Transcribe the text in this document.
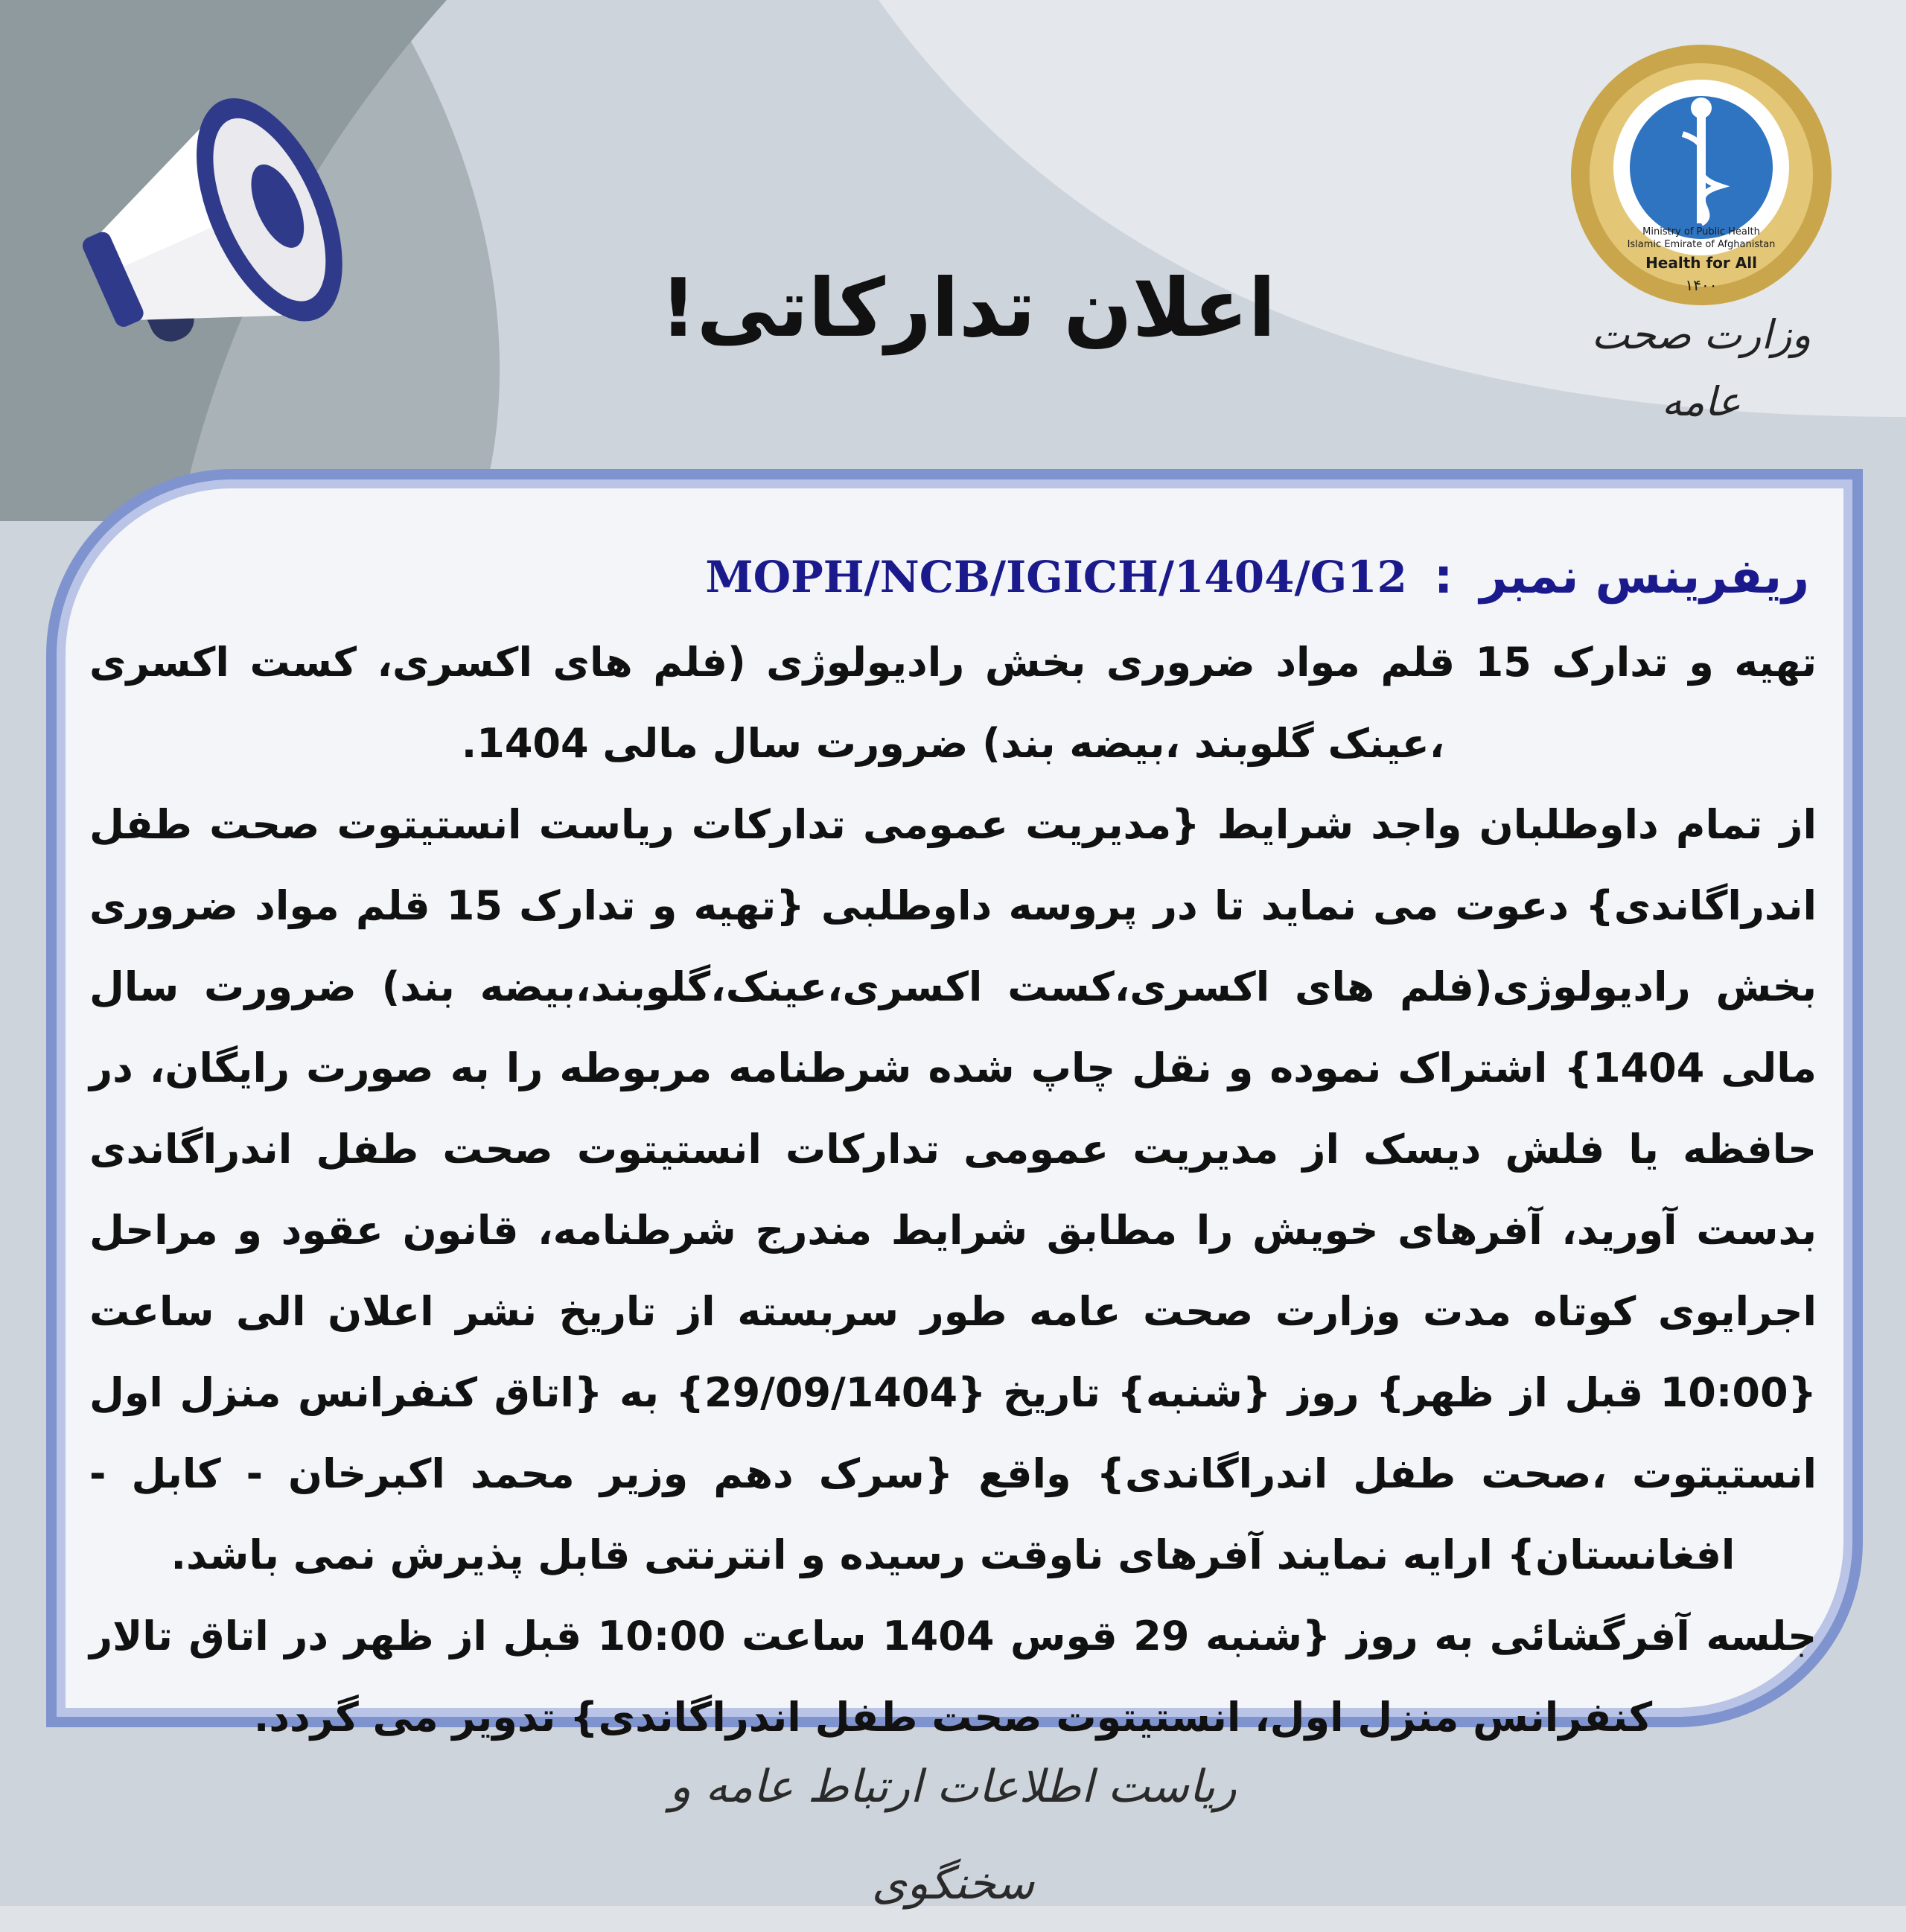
اعلان تدارکاتی!	Health for All
۱۴۰۰
Ministry of Public Health
Islamic Emirate of Afghanistan
وزارت صحت عامه
ریفرینس نمبر
:
MOPH/NCB/IGICH/1404/G12

تهیه و تدارک 15 قلم مواد ضروری بخش رادیولوژی (فلم های اکسری، کست اکسری ،عینک گلوبند ،بیضه بند) ضرورت سال مالی 1404.

از تمام داوطلبان واجد شرایط {مدیریت عمومی تدارکات ریاست انستیتوت صحت طفل اندراگاندی} دعوت می نماید تا در پروسه داوطلبی {تهیه و تدارک 15 قلم مواد ضروری بخش رادیولوژی(فلم های اکسری،کست اکسری،عینک،گلوبند،بیضه بند) ضرورت سال مالی 1404} اشتراک نموده و نقل چاپ شده شرطنامه مربوطه را به صورت رایگان، در حافظه یا فلش دیسک از مدیریت عمومی تدارکات انستیتوت صحت طفل اندراگاندی بدست آورید، آفرهای خویش را مطابق شرایط مندرج شرطنامه، قانون عقود و مراحل اجرایوی کوتاه مدت وزارت صحت عامه طور سربسته از تاریخ نشر اعلان الی ساعت {10:00 قبل از ظهر} روز {شنبه} تاریخ {29/09/1404} به {اتاق کنفرانس منزل اول انستیتوت ،صحت طفل اندراگاندی} واقع {سرک دهم وزیر محمد اکبرخان - کابل - افغانستان} ارایه نمایند آفرهای ناوقت رسیده و انترنتی قابل پذیرش نمی باشد.

جلسه آفرگشائی به روز {شنبه 29 قوس 1404 ساعت 10:00 قبل از ظهر در اتاق تالار کنفرانس منزل اول، انستیتوت صحت طفل اندراگاندی} تدویر می گردد.

ریاست اطلاعات ارتباط عامه و سخنگوی
